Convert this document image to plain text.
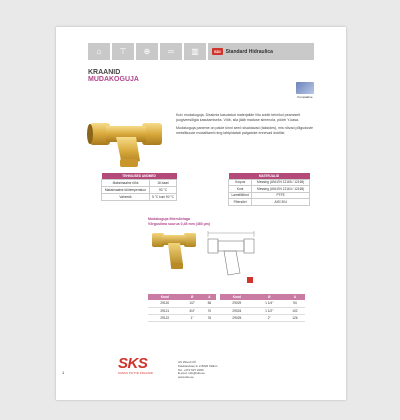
⌂ ⊤ ⊕ ═ ▥	SDI	Standard Hidraulica
KRAANID
MUDAKOGUJA
Kompaktne

Kuiv mudakoguja. Dissimia kasutatud materjalide liitu sobib tehnikul peamiselt joogiveesõlgia kasutamiseks. Võib, sila jääb maduse simenola, pöörb Y-kasa.

Mudakoguja paneme on paide kinni seeö sisaldavad (taksides), mis nõvad põlguduste metallkuude modalitamil ning lahtpidatab palgatoke ennevad doktlisi.

TEHNILISED ANDMED	
Maksimaalne rõhk	16 baari
Maksimaalne töötemperatuur	90 °C
Vahemik	5 °C kuni 90 °C
MATERJALID	
Korpus	Messing (UNI-EN 12165 / 12165)
Kork	Messing (UNI-EN 12164 / 12165)
Lamellitõmd	PTFE
Filtersõel	AISI 304
Mudakoguja filtersõelaga
Võrgusilma suurus 0,45 mm (480 µm)
Kood	Ø	A		Kood	Ø	A
29120	1/2"	56		29029	1 1/4"	94
29121	3/4"	70		29024	1 1/2"	102
29122	1"	76		29025	2"	126
SKS
SANKS PLITTE KRAANID
AS Wood OÜ
Kaubanduse tn 2 8620 Tallinn
Tel. +372 627 2000
E-post: info@sks.ee
www.sks.ee
1
